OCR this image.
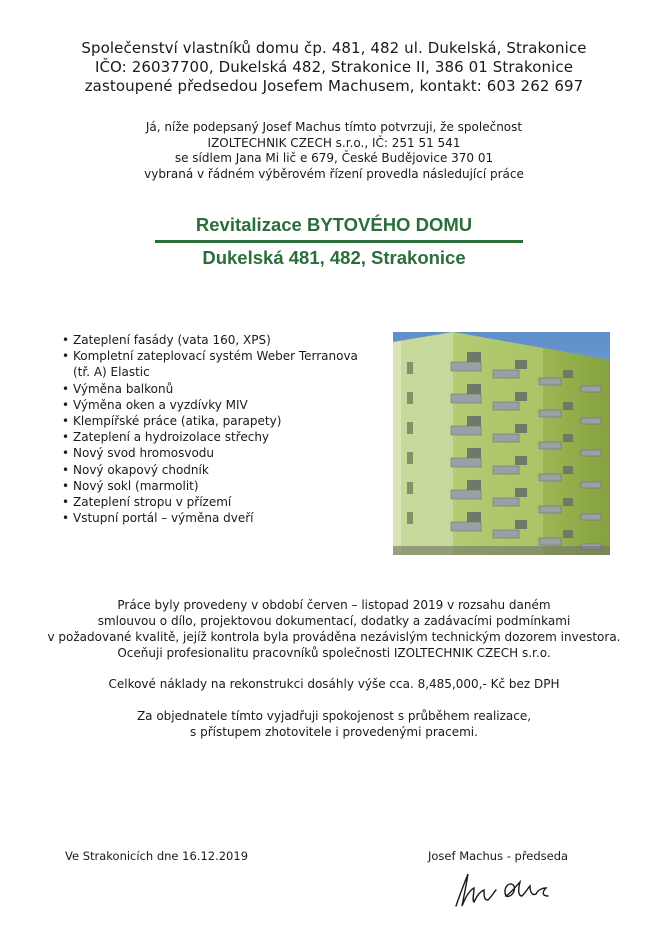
Společenství vlastníků domu čp. 481, 482 ul. Dukelská, Strakonice
IČO: 26037700, Dukelská 482, Strakonice II, 386 01 Strakonice
zastoupené předsedou Josefem Machusem, kontakt: 603 262 697
Já, níže podepsaný Josef Machus tímto potvrzuji, že společnost
IZOLTECHNIK CZECH s.r.o., IČ: 251 51 541
se sídlem Jana Mi lič e 679, České Budějovice 370 01
vybraná v řádném výběrovém řízení provedla následující práce
Revitalizace BYTOVÉHO DOMU
Dukelská 481, 482, Strakonice
• Zateplení fasády (vata 160, XPS)
• Kompletní zateplovací systém Weber Terranova (tř. A) Elastic
• Výměna balkonů
• Výměna oken a vyzdívky MIV
• Klempířské práce (atika, parapety)
• Zateplení a hydroizolace střechy
• Nový svod hromosvodu
• Nový okapový chodník
• Nový sokl (marmolit)
• Zateplení stropu v přízemí
• Vstupní portál – výměna dveří
Práce byly provedeny v období červen – listopad 2019 v rozsahu daném
smlouvou o dílo, projektovou dokumentací, dodatky a zadávacími podmínkami
v požadované kvalitě, jejíž kontrola byla prováděna nezávislým technickým dozorem investora.
Oceňuji profesionalitu pracovníků společnosti IZOLTECHNIK CZECH s.r.o.
Celkové náklady na rekonstrukci dosáhly výše cca. 8,485,000,- Kč bez DPH
Za objednatele tímto vyjadřuji spokojenost s průběhem realizace,
s přístupem zhotovitele i provedenými pracemi.
Ve Strakonicích dne 16.12.2019	Josef Machus - předseda
